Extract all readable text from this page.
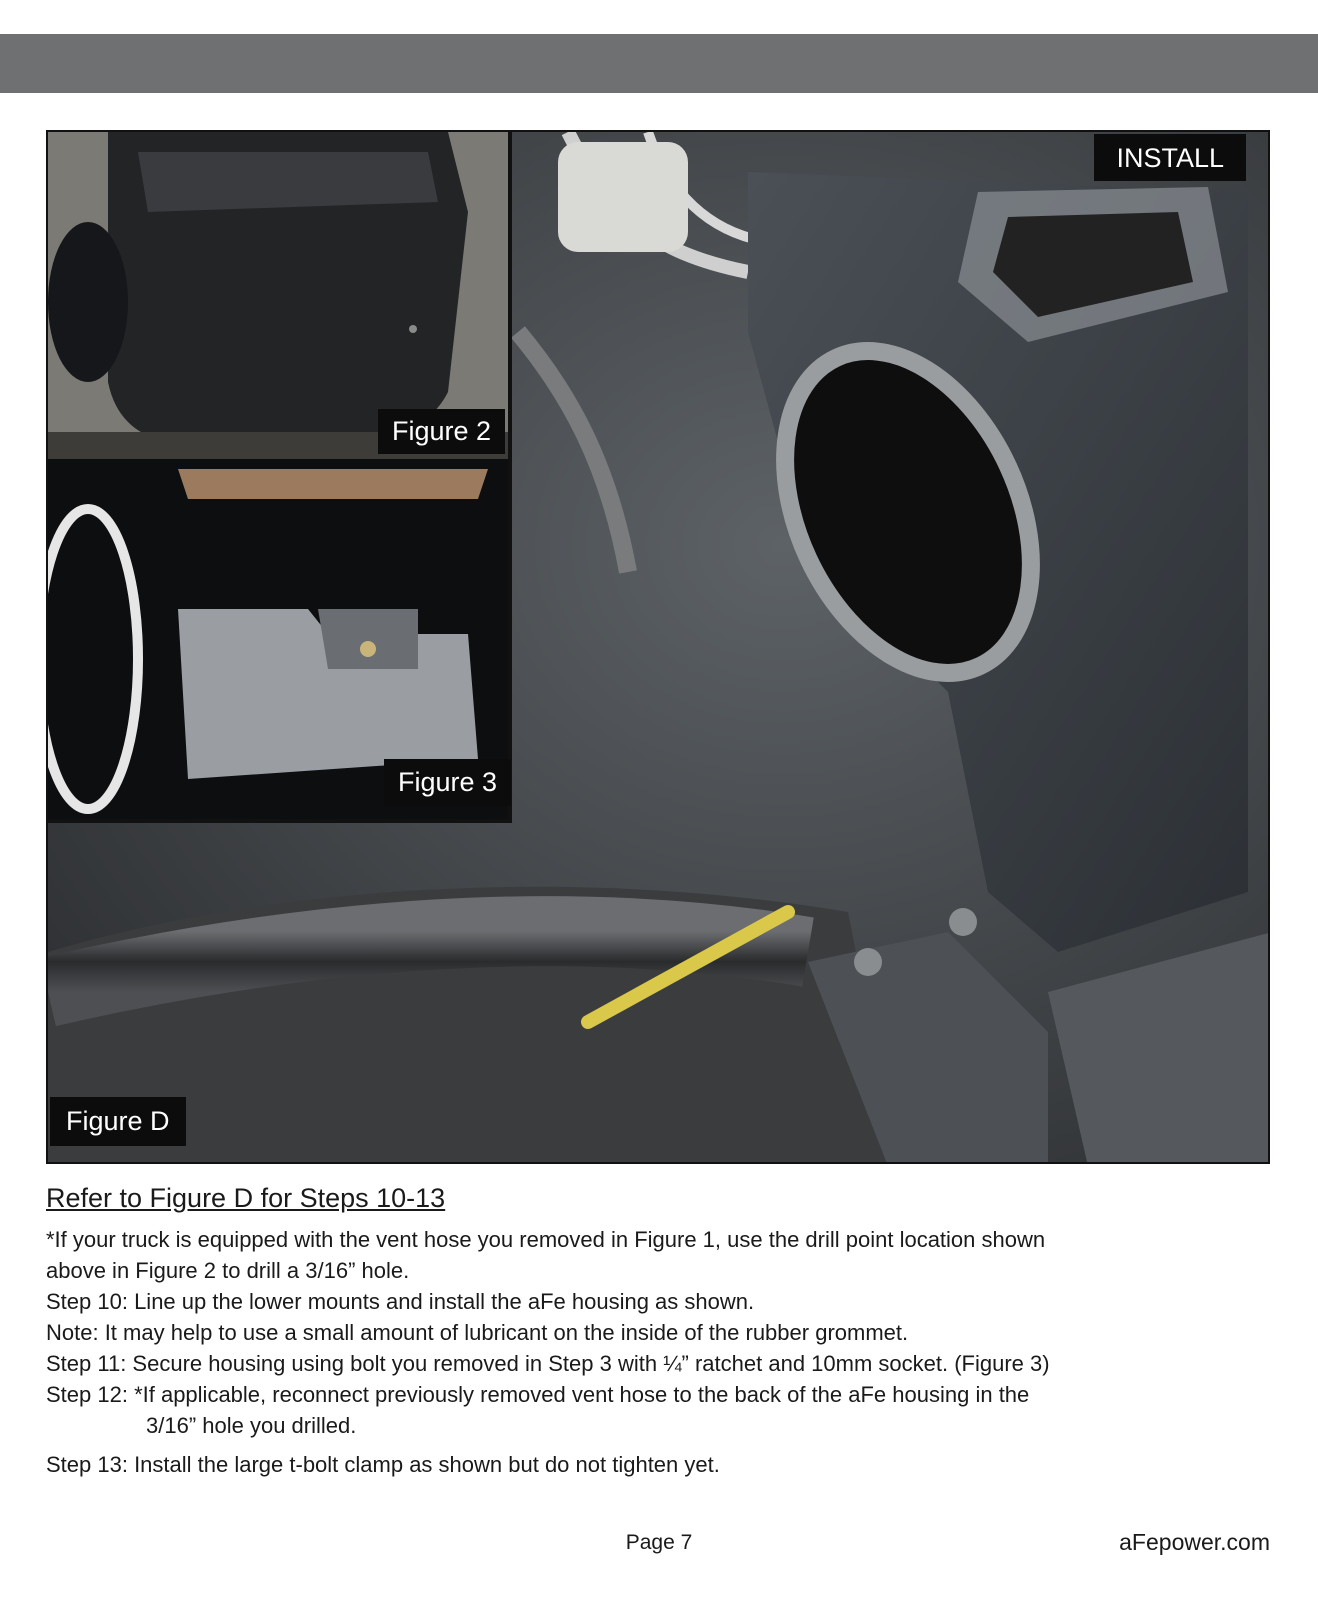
INSTALL
Figure 2
Figure 3
Figure D
Refer to Figure D for Steps 10-13
*If your truck is equipped with the vent hose you removed in Figure 1, use the drill point location shown
above in Figure 2 to drill a 3/16” hole.
Step 10: Line up the lower mounts and install the aFe housing as shown.
Note: It may help to use a small amount of lubricant on the inside of the rubber grommet.
Step 11: Secure housing using bolt you removed in Step 3 with ¼” ratchet and 10mm socket. (Figure 3)
Step 12: *If applicable, reconnect previously removed vent hose to the back of the aFe housing in the
3/16” hole you drilled.
Step 13: Install the large t-bolt clamp as shown but do not tighten yet.
Page 7	aFepower.com
